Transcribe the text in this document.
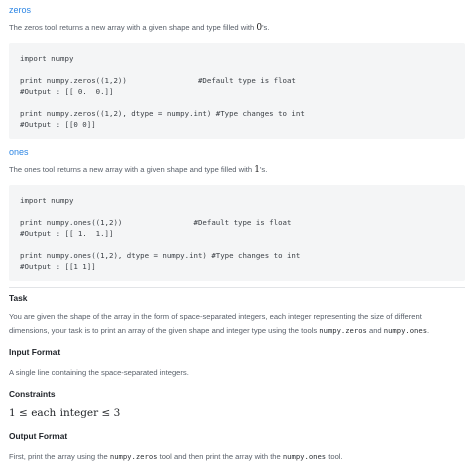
zeros
The zeros tool returns a new array with a given shape and type filled with 0's.
import numpy
print numpy.zeros((1,2))                #Default type is float
#Output : [[ 0.  0.]]
print numpy.zeros((1,2), dtype = numpy.int) #Type changes to int
#Output : [[0 0]]
ones
The ones tool returns a new array with a given shape and type filled with 1's.
import numpy
print numpy.ones((1,2))                #Default type is float
#Output : [[ 1.  1.]]
print numpy.ones((1,2), dtype = numpy.int) #Type changes to int
#Output : [[1 1]]
Task
You are given the shape of the array in the form of space-separated integers, each integer representing the size of different
dimensions, your task is to print an array of the given shape and integer type using the tools numpy.zeros and numpy.ones.
Input Format
A single line containing the space-separated integers.
Constraints
1 ≤ each integer ≤ 3
Output Format
First, print the array using the numpy.zeros tool and then print the array with the numpy.ones tool.
